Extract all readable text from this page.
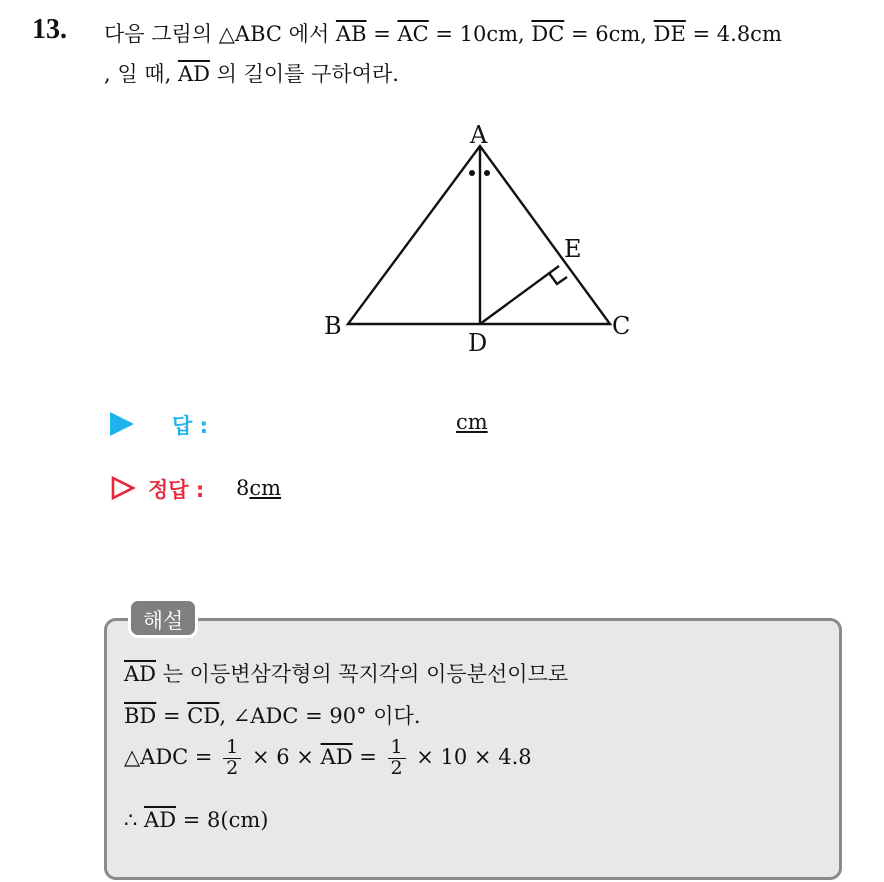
13. 다음 그림의 △ABC 에서 $\overline{AB} = \overline{AC} = 10cm$, $\overline{DC} = 6cm$, $\overline{DE} = 4.8cm$
, 일 때, $\overline{AD}$ 의 길이를 구하여라.
A
B	C
D
E
답 :	cm
정답 : 8cm
해설
$\overline{AD}$ 는 이등변삼각형의 꼭지각의 이등분선이므로
$\overline{BD} = \overline{CD}$, ∠ADC = 90° 이다.
△ADC = $\frac{1}{2} \times 6 \times \overline{AD} = \frac{1}{2} \times 10 \times 4.8$
∴ $\overline{AD} = 8(cm)$
